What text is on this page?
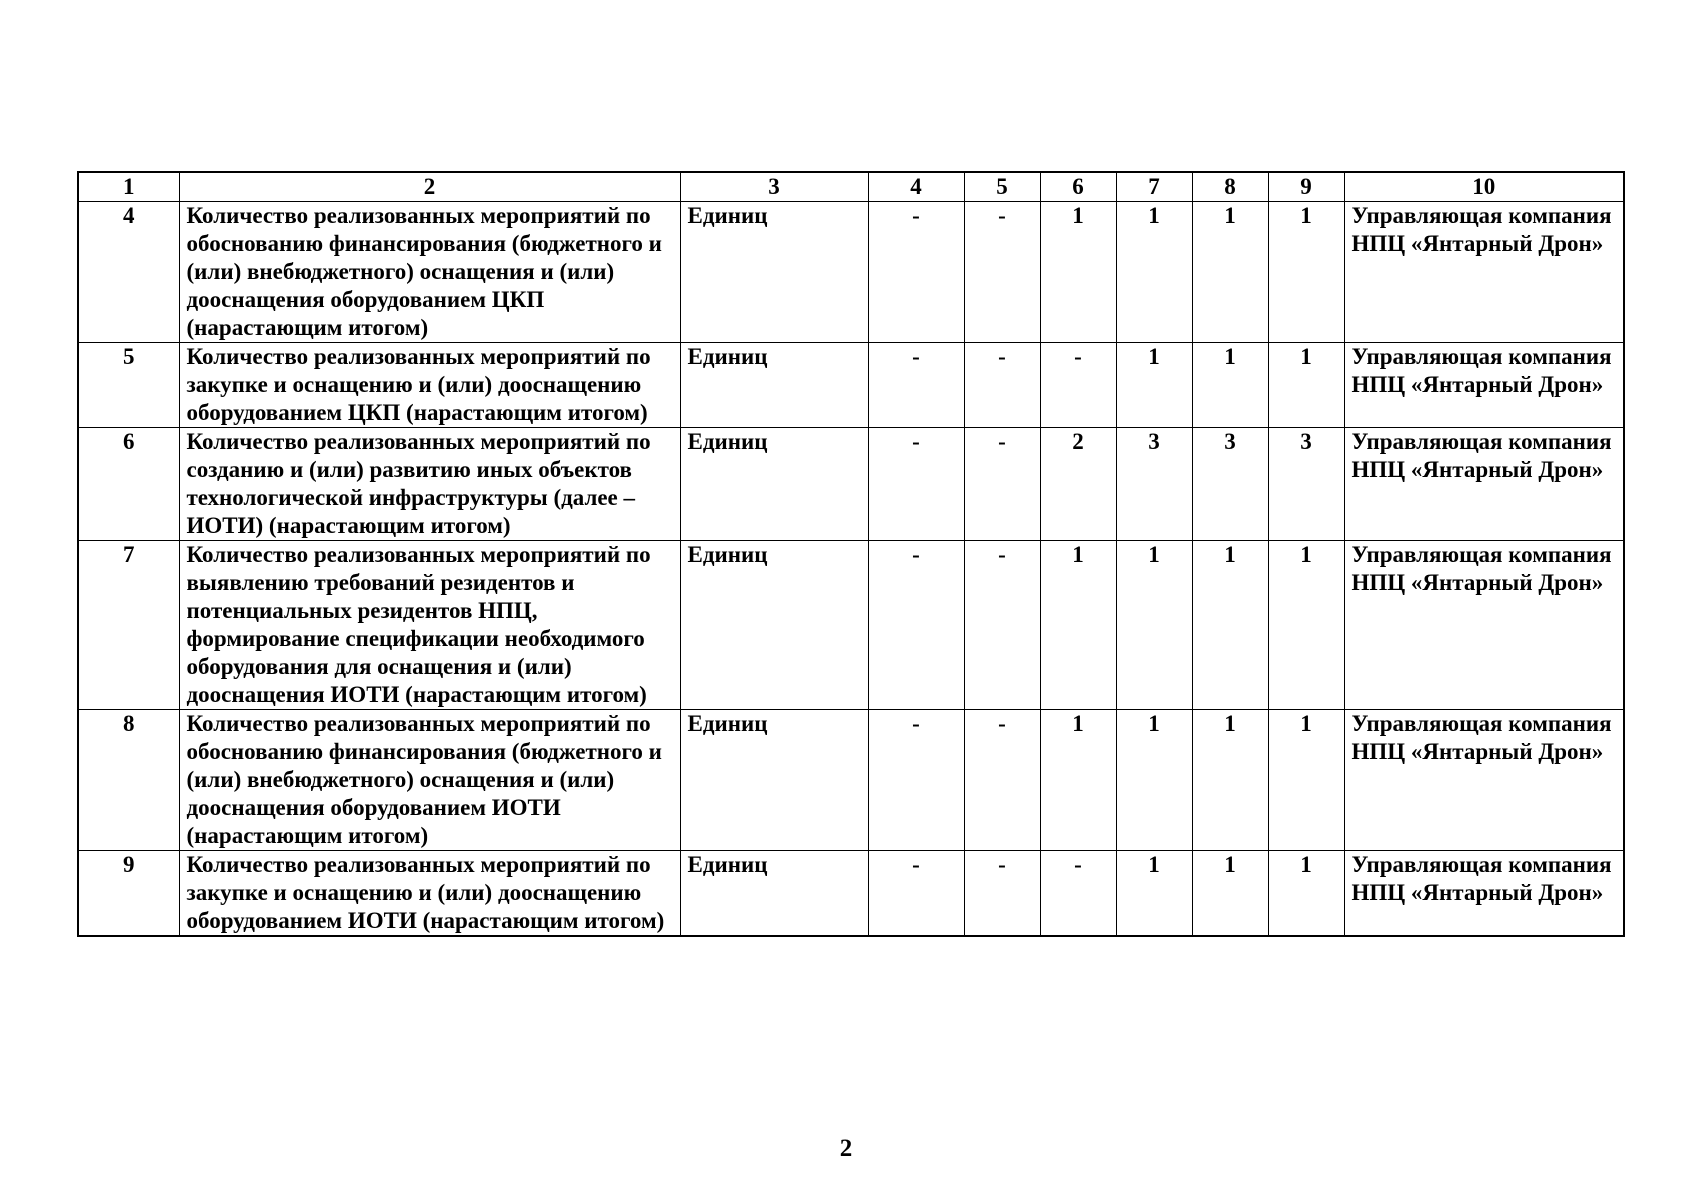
1	2	3	4	5	6	7	8	9	10
4	Количество реализованных мероприятий по обоснованию финансирования (бюджетного и (или) внебюджетного) оснащения и (или) дооснащения оборудованием ЦКП (нарастающим итогом)	Единиц	-	-	1	1	1	1	Управляющая компания НПЦ «Янтарный Дрон»
5	Количество реализованных мероприятий по закупке и оснащению и (или) дооснащению оборудованием ЦКП (нарастающим итогом)	Единиц	-	-	-	1	1	1	Управляющая компания НПЦ «Янтарный Дрон»
6	Количество реализованных мероприятий по созданию и (или) развитию иных объектов технологической инфраструктуры (далее – ИОТИ) (нарастающим итогом)	Единиц	-	-	2	3	3	3	Управляющая компания НПЦ «Янтарный Дрон»
7	Количество реализованных мероприятий по выявлению требований резидентов и потенциальных резидентов НПЦ, формирование спецификации необходимого оборудования для оснащения и (или) дооснащения ИОТИ (нарастающим итогом)	Единиц	-	-	1	1	1	1	Управляющая компания НПЦ «Янтарный Дрон»
8	Количество реализованных мероприятий по обоснованию финансирования (бюджетного и (или) внебюджетного) оснащения и (или) дооснащения оборудованием ИОТИ (нарастающим итогом)	Единиц	-	-	1	1	1	1	Управляющая компания НПЦ «Янтарный Дрон»
9	Количество реализованных мероприятий по закупке и оснащению и (или) дооснащению оборудованием ИОТИ (нарастающим итогом)	Единиц	-	-	-	1	1	1	Управляющая компания НПЦ «Янтарный Дрон»
2
